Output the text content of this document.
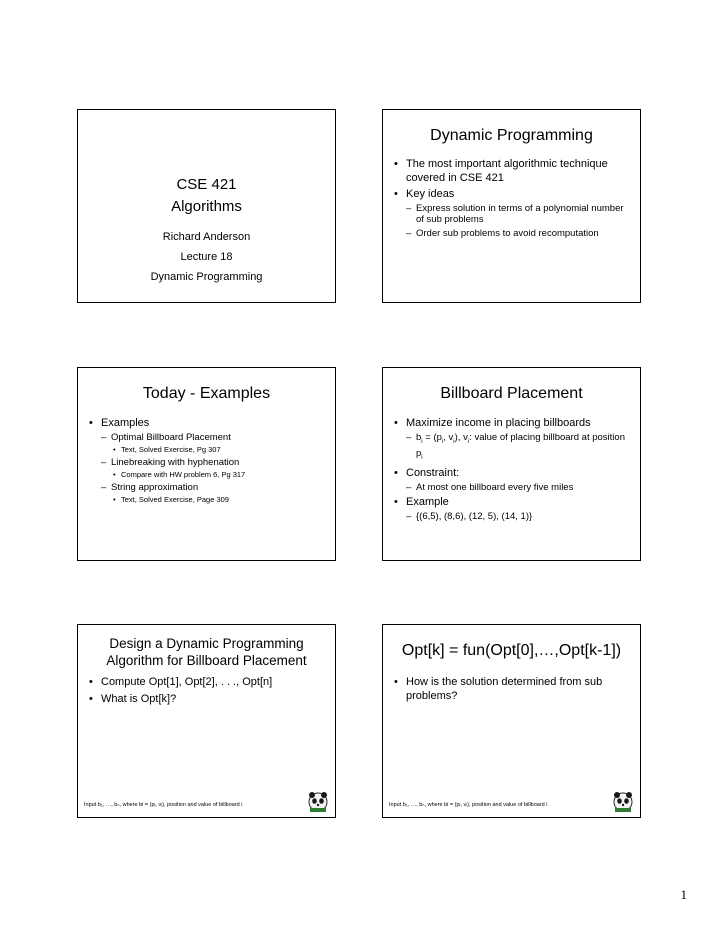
CSE 421
Algorithms
Richard Anderson
Lecture 18
Dynamic Programming
Dynamic Programming
• The most important algorithmic technique covered in CSE 421
• Key ideas
– Express solution in terms of a polynomial number of sub problems
– Order sub problems to avoid recomputation
Today - Examples
• Examples
– Optimal Billboard Placement
• Text, Solved Exercise, Pg 307
– Linebreaking with hyphenation
• Compare with HW problem 6, Pg 317
– String approximation
• Text, Solved Exercise, Page 309
Billboard Placement
• Maximize income in placing billboards
– $b_i = (p_i$, $v_i$), $v_i$: value of placing billboard at position $p_i$
• Constraint:
– At most one billboard every five miles
• Example
– {(6,5), (8,6), (12, 5), (14, 1)}
Design a Dynamic Programming
Algorithm for Billboard Placement
• Compute Opt[1], Opt[2], . . ., Opt[n]
• What is Opt[k]?
Input b₁, …, bₙ, where bi = (pᵢ, vᵢ), position and value of billboard i
Opt[k] = fun(Opt[0],…,Opt[k-1])
• How is the solution determined from sub problems?
Input b₁, …, bₙ, where bi = (pᵢ, vᵢ), position and value of billboard i
1
